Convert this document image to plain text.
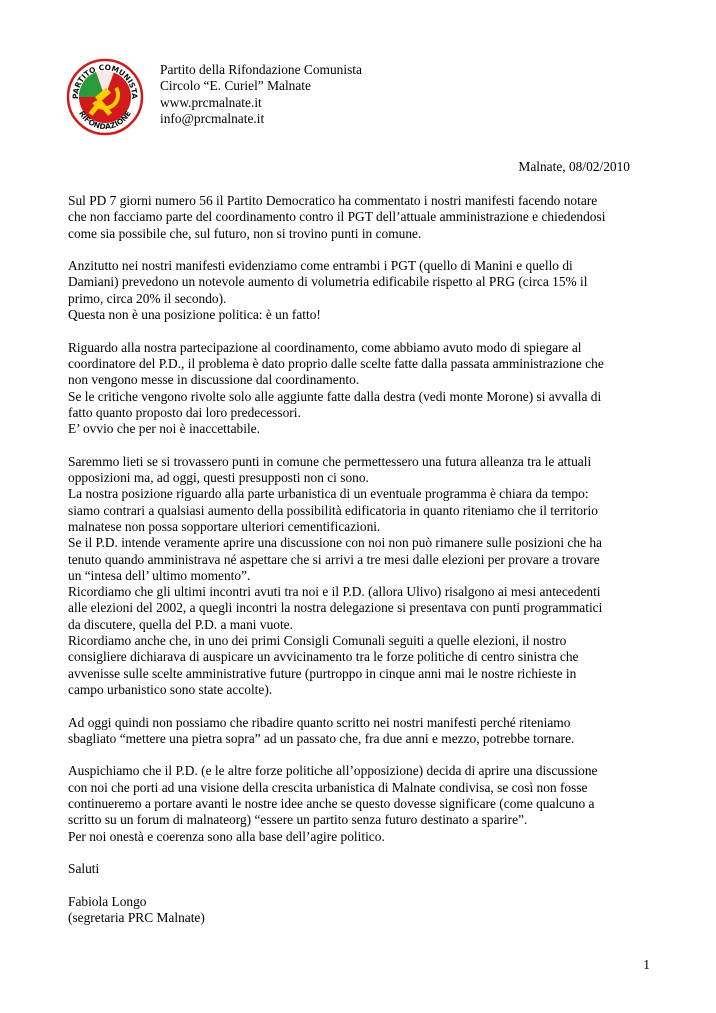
PARTITO COMUNISTA
RIFONDAZIONE
Partito della Rifondazione Comunista
Circolo “E. Curiel” Malnate
www.prcmalnate.it
info@prcmalnate.it
Malnate, 08/02/2010
Sul PD 7 giorni numero 56 il Partito Democratico ha commentato i nostri manifesti facendo notare
che non facciamo parte del coordinamento contro il PGT dell’attuale amministrazione e chiedendosi
come sia possibile che, sul futuro, non si trovino punti in comune.
Anzitutto nei nostri manifesti evidenziamo come entrambi i PGT (quello di Manini e quello di
Damiani) prevedono un notevole aumento di volumetria edificabile rispetto al PRG (circa 15% il
primo, circa 20% il secondo).
Questa non è una posizione politica: è un fatto!
Riguardo alla nostra partecipazione al coordinamento, come abbiamo avuto modo di spiegare al
coordinatore del P.D., il problema è dato proprio dalle scelte fatte dalla passata amministrazione che
non vengono messe in discussione dal coordinamento.
Se le critiche vengono rivolte solo alle aggiunte fatte dalla destra (vedi monte Morone) si avvalla di
fatto quanto proposto dai loro predecessori.
E’ ovvio che per noi è inaccettabile.
Saremmo lieti se si trovassero punti in comune che permettessero una futura alleanza tra le attuali
opposizioni ma, ad oggi, questi presupposti non ci sono.
La nostra posizione riguardo alla parte urbanistica di un eventuale programma è chiara da tempo:
siamo contrari a qualsiasi aumento della possibilità edificatoria in quanto riteniamo che il territorio
malnatese non possa sopportare ulteriori cementificazioni.
Se il P.D. intende veramente aprire una discussione con noi non può rimanere sulle posizioni che ha
tenuto quando amministrava né aspettare che si arrivi a tre mesi dalle elezioni per provare a trovare
un “intesa dell’ ultimo momento”.
Ricordiamo che gli ultimi incontri avuti tra noi e il P.D. (allora Ulivo) risalgono ai mesi antecedenti
alle elezioni del 2002, a quegli incontri la nostra delegazione si presentava con punti programmatici
da discutere, quella del P.D. a mani vuote.
Ricordiamo anche che, in uno dei primi Consigli Comunali seguiti a quelle elezioni, il nostro
consigliere dichiarava di auspicare un avvicinamento tra le forze politiche di centro sinistra che
avvenisse sulle scelte amministrative future (purtroppo in cinque anni mai le nostre richieste in
campo urbanistico sono state accolte).
Ad oggi quindi non possiamo che ribadire quanto scritto nei nostri manifesti perché riteniamo
sbagliato “mettere una pietra sopra” ad un passato che, fra due anni e mezzo, potrebbe tornare.
Auspichiamo che il P.D. (e le altre forze politiche all’opposizione) decida di aprire una discussione
con noi che porti ad una visione della crescita urbanistica di Malnate condivisa, se così non fosse
continueremo a portare avanti le nostre idee anche se questo dovesse significare (come qualcuno a
scritto su un forum di malnateorg) “essere un partito senza futuro destinato a sparire”.
Per noi onestà e coerenza sono alla base dell’agire politico.
Saluti
Fabiola Longo
(segretaria PRC Malnate)
1
